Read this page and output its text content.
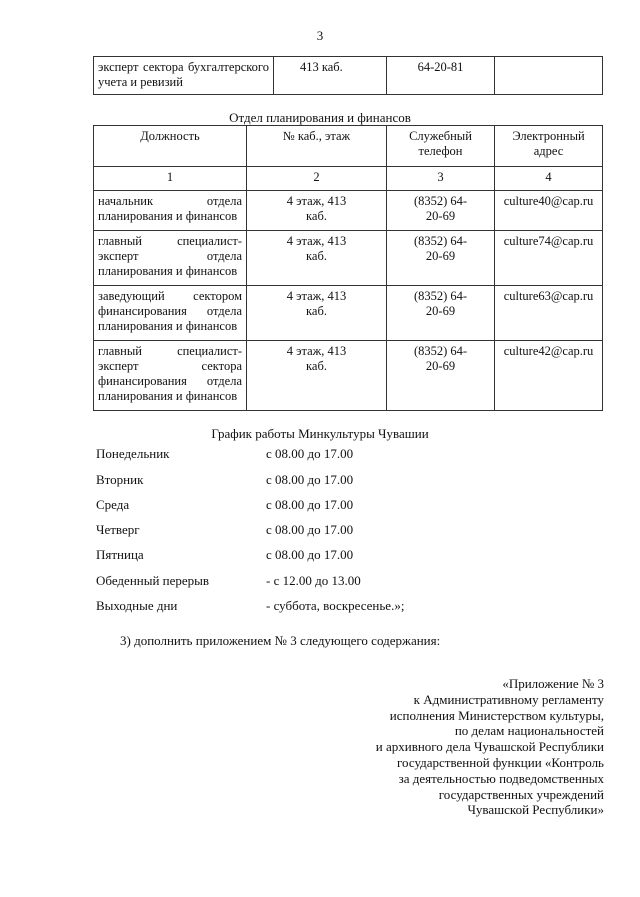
3
эксперт сектора бухгалтерского учета и ревизий	413 каб.	64-20-81	
Отдел планирования и финансов
Должность	№ каб., этаж	Служебный телефон	Электронный адрес
1	2	3	4
начальник отдела планирования и финансов	4 этаж, 413 каб.	(8352) 64-20-69	culture40@cap.ru
главный специалист-эксперт отдела планирования и финансов	4 этаж, 413 каб.	(8352) 64-20-69	culture74@cap.ru
заведующий сектором финансирования отдела планирования и финансов	4 этаж, 413 каб.	(8352) 64-20-69	culture63@cap.ru
главный специалист-эксперт сектора финансирования отдела планирования и финансов	4 этаж, 413 каб.	(8352) 64-20-69	culture42@cap.ru
График работы Минкультуры Чувашии
Понедельник	с 08.00 до 17.00
Вторник	с 08.00 до 17.00
Среда	с 08.00 до 17.00
Четверг	с 08.00 до 17.00
Пятница	с 08.00 до 17.00
Обеденный перерыв	- с 12.00 до 13.00
Выходные дни	- суббота, воскресенье.»;
3) дополнить приложением № 3 следующего содержания:
«Приложение № 3
к Административному регламенту
исполнения Министерством культуры,
по делам национальностей
и архивного дела Чувашской Республики
государственной функции «Контроль
за деятельностью подведомственных
государственных учреждений
Чувашской Республики»
